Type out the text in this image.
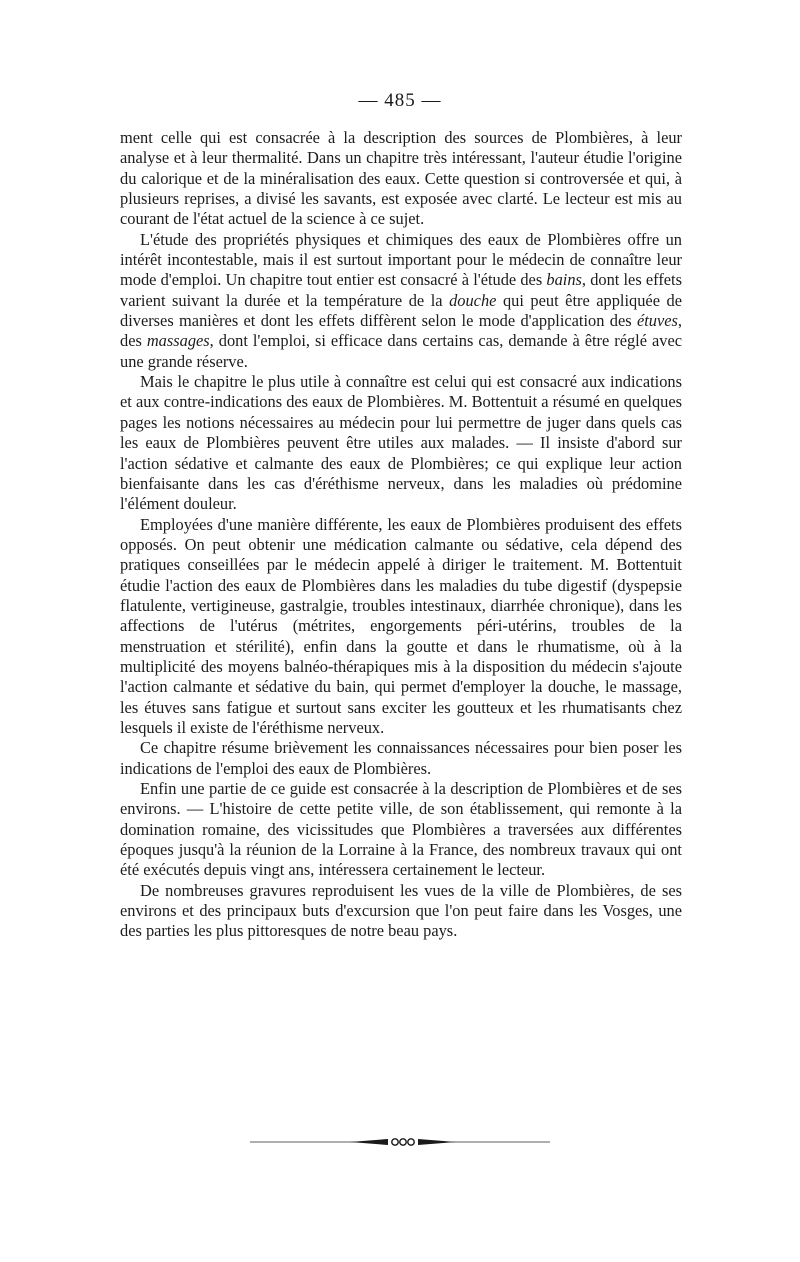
— 485 —

ment celle qui est consacrée à la description des sources de Plombières, à leur analyse et à leur thermalité. Dans un chapitre très intéressant, l'auteur étudie l'origine du calorique et de la minéralisation des eaux. Cette question si controversée et qui, à plusieurs reprises, a divisé les savants, est exposée avec clarté. Le lecteur est mis au courant de l'état actuel de la science à ce sujet.

L'étude des propriétés physiques et chimiques des eaux de Plombières offre un intérêt incontestable, mais il est surtout important pour le médecin de connaître leur mode d'emploi. Un chapitre tout entier est consacré à l'étude des bains, dont les effets varient suivant la durée et la température de la douche qui peut être appliquée de diverses manières et dont les effets diffèrent selon le mode d'application des étuves, des massages, dont l'emploi, si efficace dans certains cas, demande à être réglé avec une grande réserve.

Mais le chapitre le plus utile à connaître est celui qui est consacré aux indications et aux contre-indications des eaux de Plombières. M. Bottentuit a résumé en quelques pages les notions nécessaires au médecin pour lui permettre de juger dans quels cas les eaux de Plombières peuvent être utiles aux malades. — Il insiste d'abord sur l'action sédative et calmante des eaux de Plombières; ce qui explique leur action bienfaisante dans les cas d'éréthisme nerveux, dans les maladies où prédomine l'élément douleur.

Employées d'une manière différente, les eaux de Plombières produisent des effets opposés. On peut obtenir une médication calmante ou sédative, cela dépend des pratiques conseillées par le médecin appelé à diriger le traitement. M. Bottentuit étudie l'action des eaux de Plombières dans les maladies du tube digestif (dyspepsie flatulente, vertigineuse, gastralgie, troubles intestinaux, diarrhée chronique), dans les affections de l'utérus (métrites, engorgements péri-utérins, troubles de la menstruation et stérilité), enfin dans la goutte et dans le rhumatisme, où à la multiplicité des moyens balnéo-thérapiques mis à la disposition du médecin s'ajoute l'action calmante et sédative du bain, qui permet d'employer la douche, le massage, les étuves sans fatigue et surtout sans exciter les goutteux et les rhumatisants chez lesquels il existe de l'éréthisme nerveux.

Ce chapitre résume brièvement les connaissances nécessaires pour bien poser les indications de l'emploi des eaux de Plombières.

Enfin une partie de ce guide est consacrée à la description de Plombières et de ses environs. — L'histoire de cette petite ville, de son établissement, qui remonte à la domination romaine, des vicissitudes que Plombières a traversées aux différentes époques jusqu'à la réunion de la Lorraine à la France, des nombreux travaux qui ont été exécutés depuis vingt ans, intéressera certainement le lecteur.

De nombreuses gravures reproduisent les vues de la ville de Plombières, de ses environs et des principaux buts d'excursion que l'on peut faire dans les Vosges, une des parties les plus pittoresques de notre beau pays.
